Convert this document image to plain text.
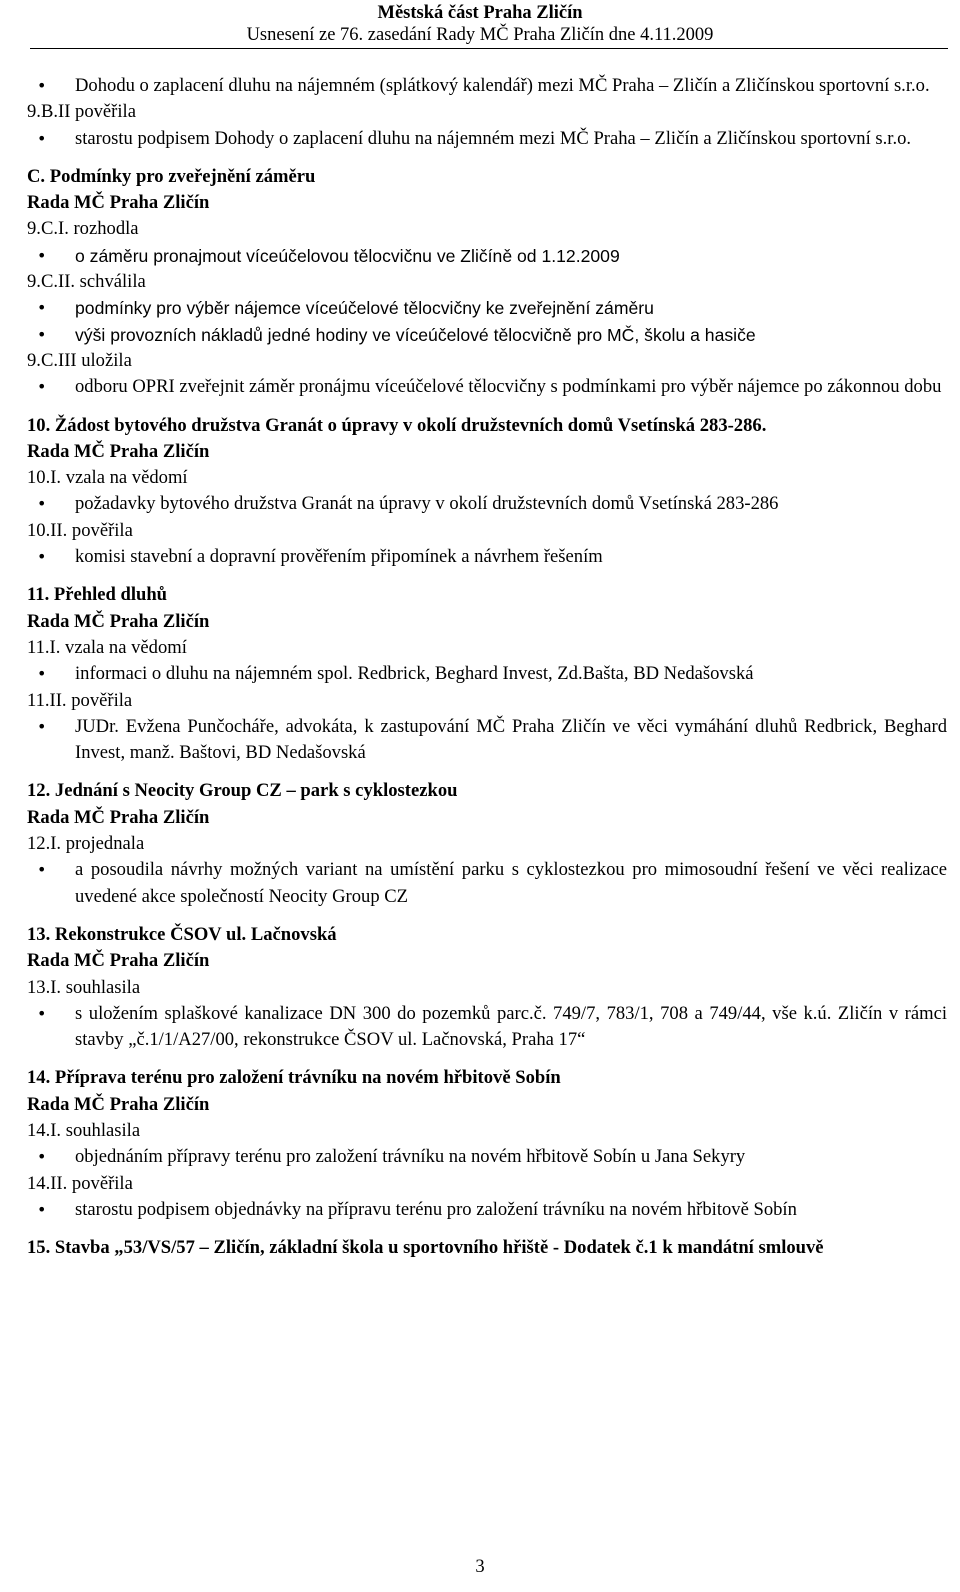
Městská část Praha Zličín
Usnesení ze 76. zasedání Rady MČ Praha Zličín dne 4.11.2009
• Dohodu o zaplacení dluhu na nájemném (splátkový kalendář) mezi MČ Praha – Zličín a Zličínskou sportovní s.r.o.
9.B.II pověřila
• starostu podpisem Dohody o zaplacení dluhu na nájemném mezi MČ Praha – Zličín a Zličínskou sportovní s.r.o.
C. Podmínky pro zveřejnění záměru
Rada MČ Praha Zličín
9.C.I. rozhodla
• o záměru pronajmout víceúčelovou tělocvičnu ve Zličíně od 1.12.2009
9.C.II. schválila
• podmínky pro výběr nájemce víceúčelové tělocvičny ke zveřejnění záměru
• výši provozních nákladů jedné hodiny ve víceúčelové tělocvičně pro MČ, školu a hasiče
9.C.III uložila
• odboru OPRI zveřejnit záměr pronájmu víceúčelové tělocvičny s podmínkami pro výběr nájemce po zákonnou dobu
10. Žádost bytového družstva Granát o úpravy v okolí družstevních domů Vsetínská 283-286.
Rada MČ Praha Zličín
10.I. vzala na vědomí
• požadavky bytového družstva Granát na úpravy v okolí družstevních domů Vsetínská 283-286
10.II. pověřila
• komisi stavební a dopravní prověřením připomínek a návrhem řešením
11. Přehled dluhů
Rada MČ Praha Zličín
11.I. vzala na vědomí
• informaci o dluhu na nájemném spol. Redbrick, Beghard Invest, Zd.Bašta, BD Nedašovská
11.II. pověřila
• JUDr. Evžena Punčocháře, advokáta, k zastupování MČ Praha Zličín ve věci vymáhání dluhů Redbrick, Beghard Invest, manž. Baštovi, BD Nedašovská
12. Jednání s Neocity Group CZ – park s cyklostezkou
Rada MČ Praha Zličín
12.I. projednala
• a posoudila návrhy možných variant na umístění parku s cyklostezkou pro mimosoudní řešení ve věci realizace uvedené akce společností Neocity Group CZ
13. Rekonstrukce ČSOV ul. Lačnovská
Rada MČ Praha Zličín
13.I. souhlasila
• s uložením splaškové kanalizace DN 300 do pozemků parc.č. 749/7, 783/1, 708 a 749/44, vše k.ú. Zličín v rámci stavby „č.1/1/A27/00, rekonstrukce ČSOV ul. Lačnovská, Praha 17“
14. Příprava terénu pro založení trávníku na novém hřbitově Sobín
Rada MČ Praha Zličín
14.I. souhlasila
• objednáním přípravy terénu pro založení trávníku na novém hřbitově Sobín u Jana Sekyry
14.II. pověřila
• starostu podpisem objednávky na přípravu terénu pro založení trávníku na novém hřbitově Sobín
15. Stavba „53/VS/57 – Zličín, základní škola u sportovního hřiště - Dodatek č.1 k mandátní smlouvě
3
